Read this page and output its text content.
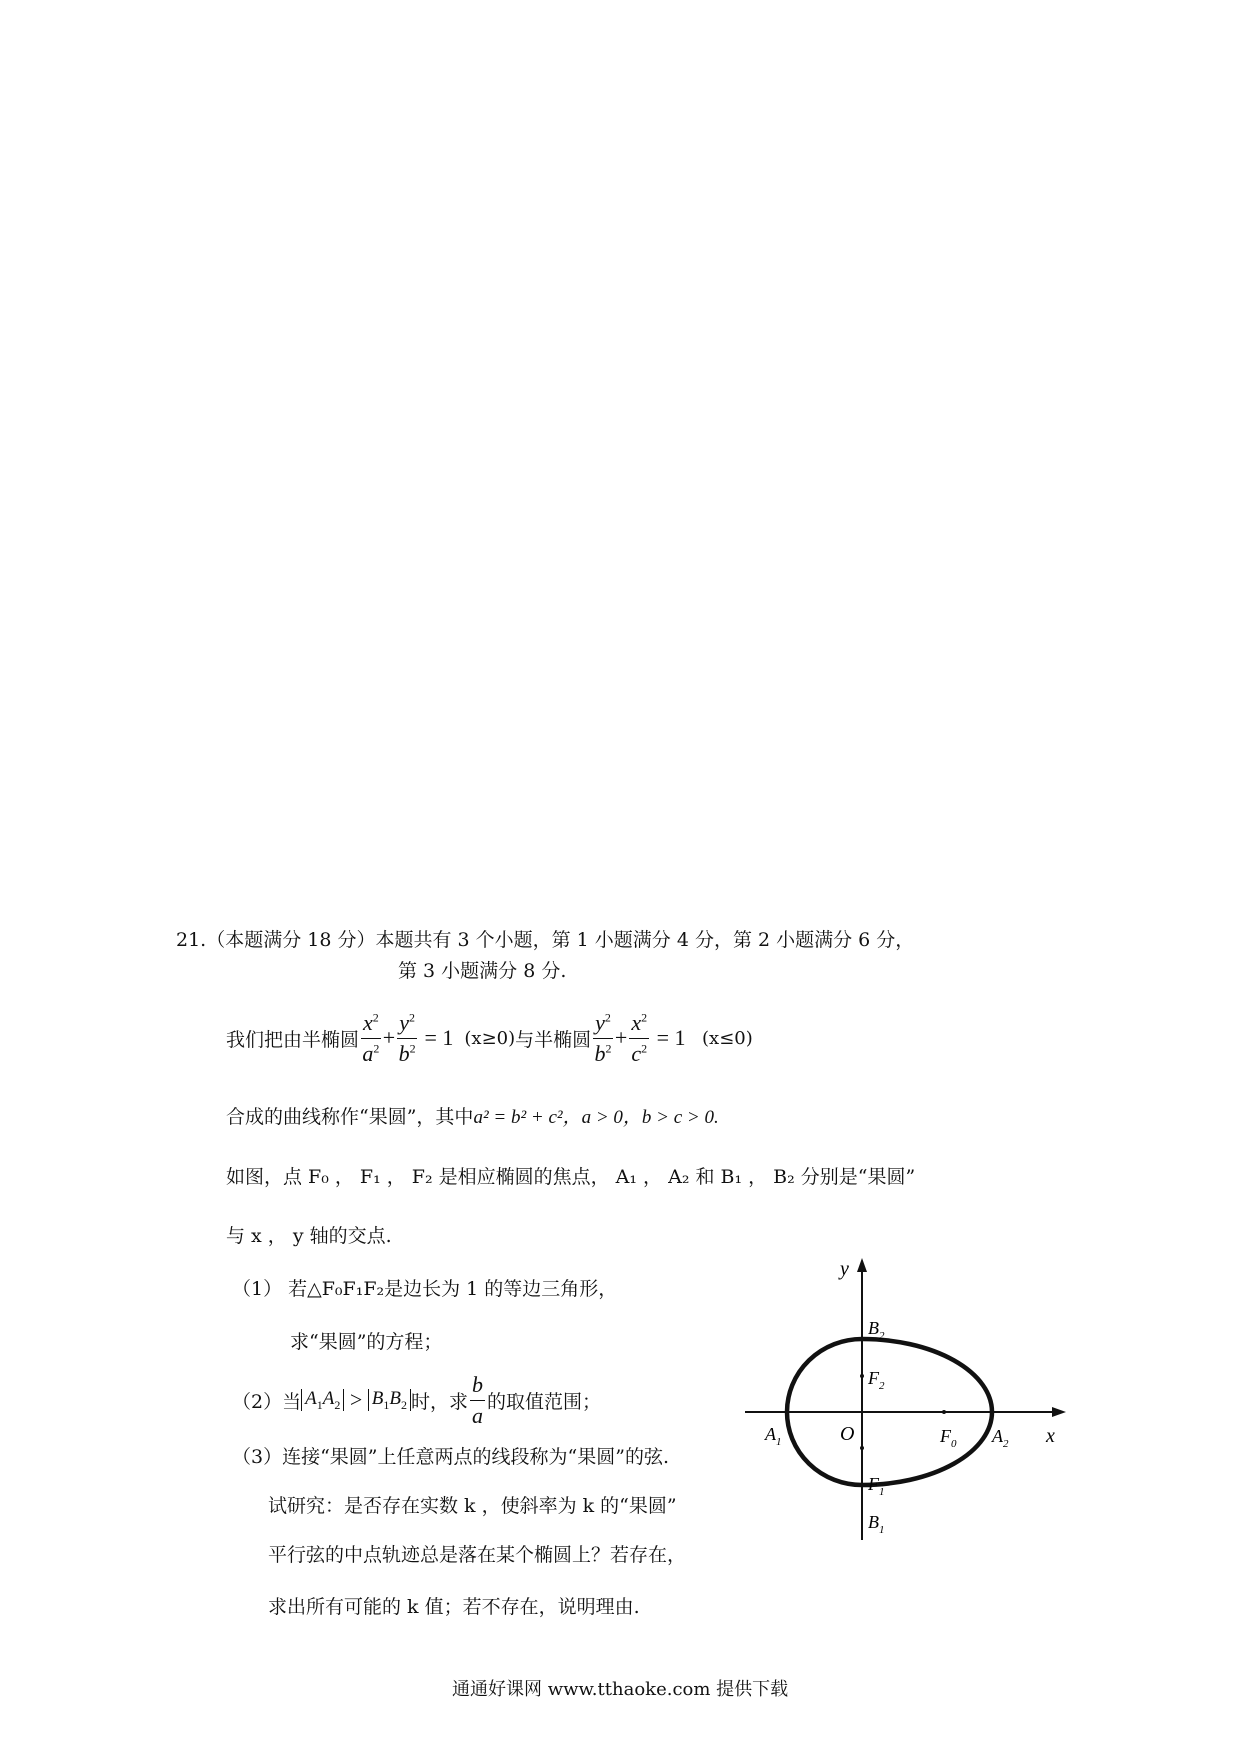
21.（本题满分 18 分）本题共有 3 个小题，第 1 小题满分 4 分，第 2 小题满分 6 分，
第 3 小题满分 8 分.
我们把由半椭圆 $\frac{x^2}{a^2} + \frac{y^2}{b^2} = 1$ (x≥0) 与半椭圆 $\frac{y^2}{b^2} + \frac{x^2}{c^2} = 1$ (x≤0)
合成的曲线称作“果圆”，其中a² = b² + c²，a > 0，b > c > 0.
如图，点 F₀ ， F₁ ， F₂ 是相应椭圆的焦点， A₁ ， A₂ 和 B₁ ， B₂ 分别是“果圆”
与 x ， y 轴的交点.
（1） 若△F₀F₁F₂是边长为 1 的等边三角形，
求“果圆”的方程；
（2）当 $A_1A_2 > B_1B_2$ 时，求 $\frac{b}{a}$ 的取值范围；
（3）连接“果圆”上任意两点的线段称为“果圆”的弦.
试研究：是否存在实数 k ，使斜率为 k 的“果圆”
平行弦的中点轨迹总是落在某个椭圆上？若存在，
求出所有可能的 k 值；若不存在，说明理由.
y
x
O
$B_2$
$B_1$
$F_2$
$F_1$
$F_0$
$A_1$	$A_2$
通通好课网 www.tthaoke.com 提供下载
